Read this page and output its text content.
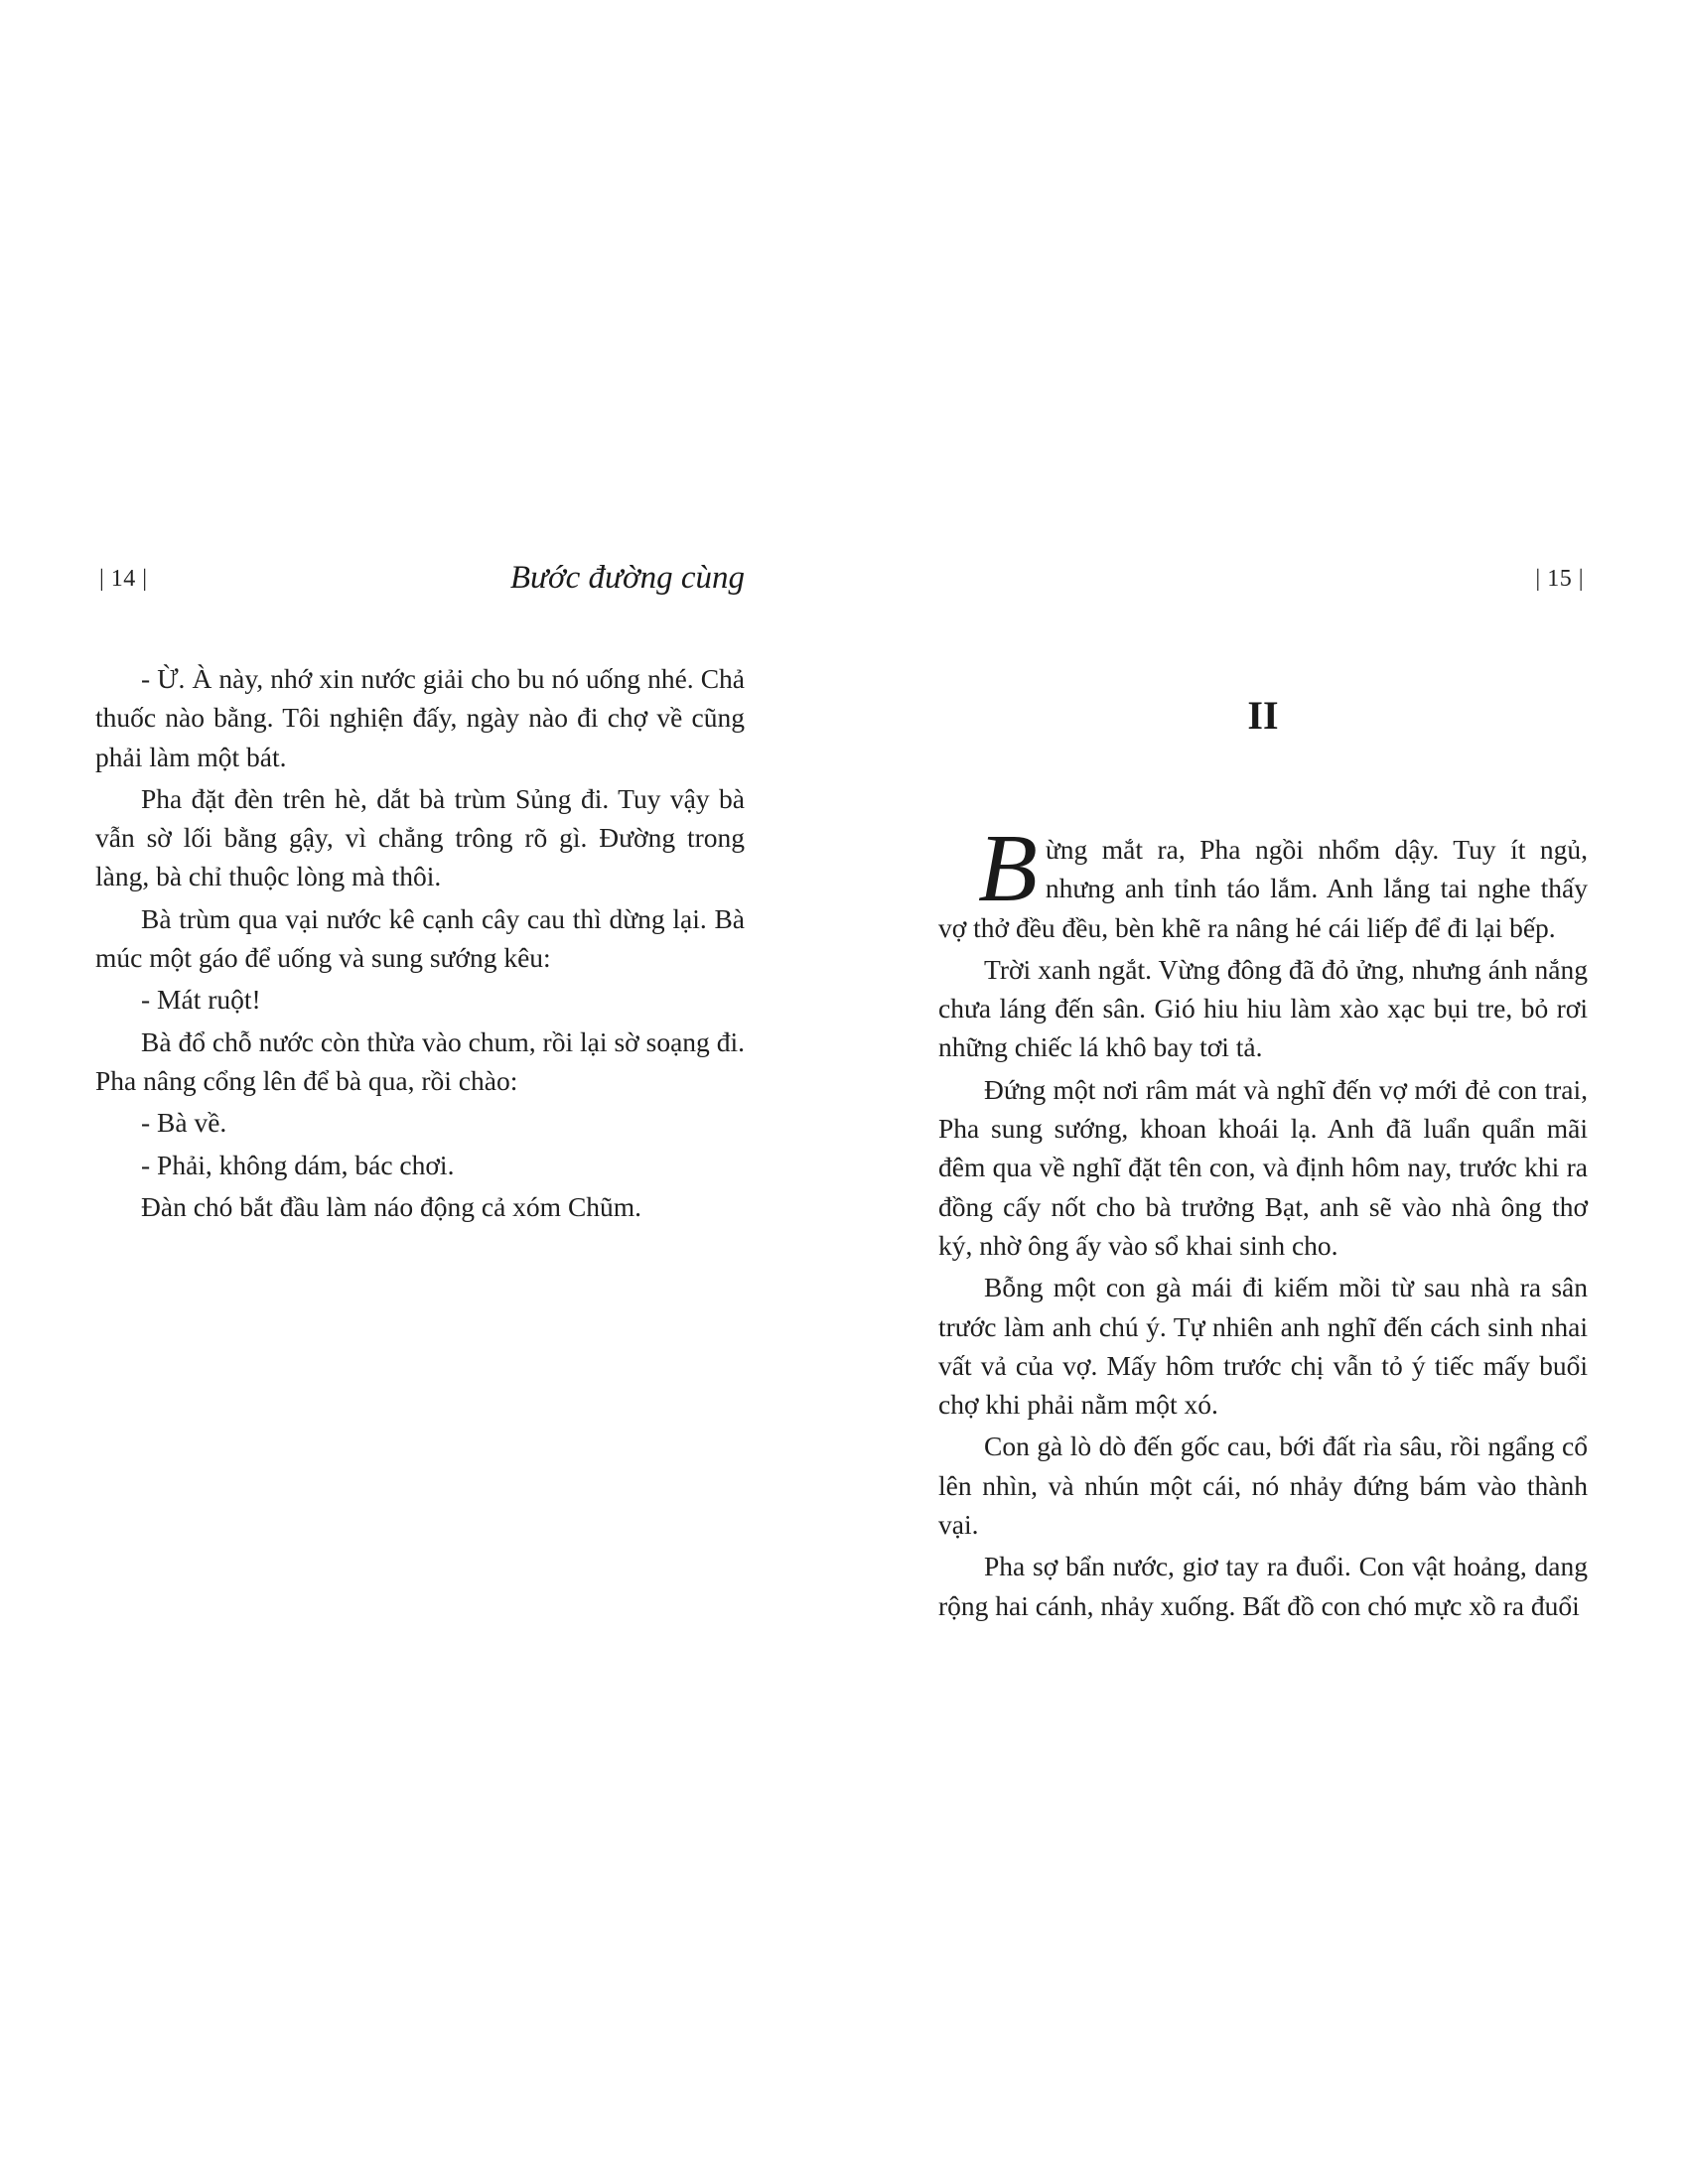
| 14 |	Bước đường cùng

- Ừ. À này, nhớ xin nước giải cho bu nó uống nhé. Chả thuốc nào bằng. Tôi nghiện đấy, ngày nào đi chợ về cũng phải làm một bát.

Pha đặt đèn trên hè, dắt bà trùm Sủng đi. Tuy vậy bà vẫn sờ lối bằng gậy, vì chẳng trông rõ gì. Đường trong làng, bà chỉ thuộc lòng mà thôi.

Bà trùm qua vại nước kê cạnh cây cau thì dừng lại. Bà múc một gáo để uống và sung sướng kêu:

- Mát ruột!

Bà đổ chỗ nước còn thừa vào chum, rồi lại sờ soạng đi. Pha nâng cổng lên để bà qua, rồi chào:

- Bà về.

- Phải, không dám, bác chơi.

Đàn chó bắt đầu làm náo động cả xóm Chũm.

| 15 |
II

Bừng mắt ra, Pha ngồi nhổm dậy. Tuy ít ngủ, nhưng anh tỉnh táo lắm. Anh lắng tai nghe thấy vợ thở đều đều, bèn khẽ ra nâng hé cái liếp để đi lại bếp.

Trời xanh ngắt. Vừng đông đã đỏ ửng, nhưng ánh nắng chưa láng đến sân. Gió hiu hiu làm xào xạc bụi tre, bỏ rơi những chiếc lá khô bay tơi tả.

Đứng một nơi râm mát và nghĩ đến vợ mới đẻ con trai, Pha sung sướng, khoan khoái lạ. Anh đã luẩn quẩn mãi đêm qua về nghĩ đặt tên con, và định hôm nay, trước khi ra đồng cấy nốt cho bà trưởng Bạt, anh sẽ vào nhà ông thơ ký, nhờ ông ấy vào sổ khai sinh cho.

Bỗng một con gà mái đi kiếm mồi từ sau nhà ra sân trước làm anh chú ý. Tự nhiên anh nghĩ đến cách sinh nhai vất vả của vợ. Mấy hôm trước chị vẫn tỏ ý tiếc mấy buổi chợ khi phải nằm một xó.

Con gà lò dò đến gốc cau, bới đất rìa sâu, rồi ngẩng cổ lên nhìn, và nhún một cái, nó nhảy đứng bám vào thành vại.

Pha sợ bẩn nước, giơ tay ra đuổi. Con vật hoảng, dang rộng hai cánh, nhảy xuống. Bất đồ con chó mực xồ ra đuổi
